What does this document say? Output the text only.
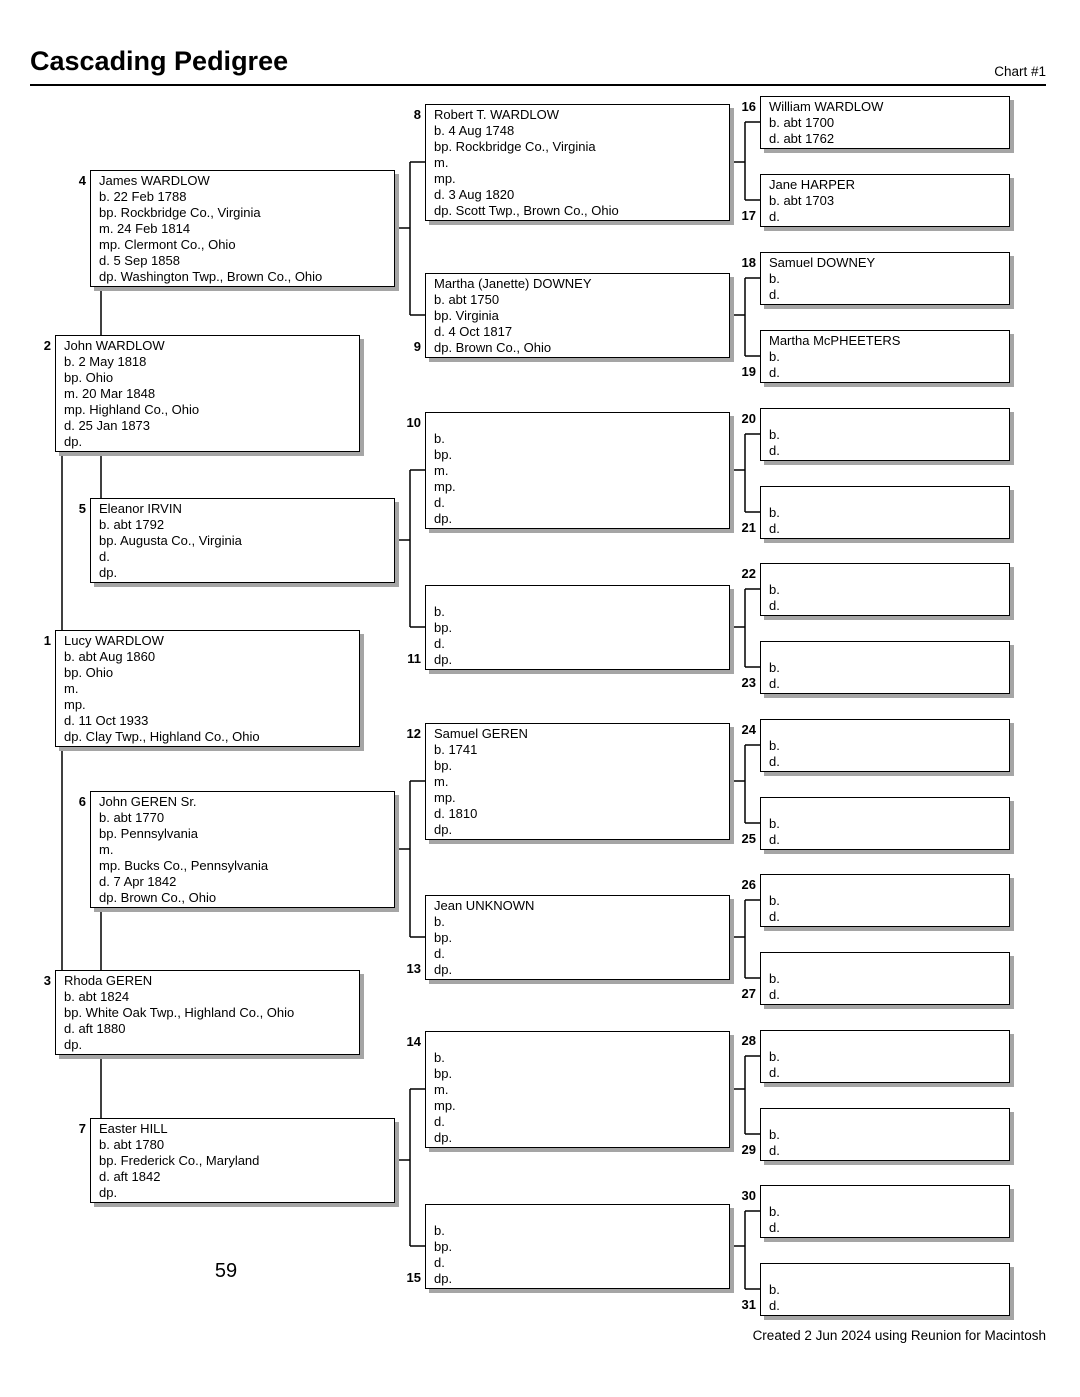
Cascading Pedigree	Chart #1
1 Lucy WARDLOW
b. abt Aug 1860
bp. Ohio
m.
mp.
d. 11 Oct 1933
dp. Clay Twp., Highland Co., Ohio
2 John WARDLOW
b. 2 May 1818
bp. Ohio
m. 20 Mar 1848
mp. Highland Co., Ohio
d. 25 Jan 1873
dp.
3 Rhoda GEREN
b. abt 1824
bp. White Oak Twp., Highland Co., Ohio
d. aft 1880
dp.
4 James WARDLOW
b. 22 Feb 1788
bp. Rockbridge Co., Virginia
m. 24 Feb 1814
mp. Clermont Co., Ohio
d. 5 Sep 1858
dp. Washington Twp., Brown Co., Ohio
5 Eleanor IRVIN
b. abt 1792
bp. Augusta Co., Virginia
d.
dp.
6 John GEREN Sr.
b. abt 1770
bp. Pennsylvania
m.
mp. Bucks Co., Pennsylvania
d. 7 Apr 1842
dp. Brown Co., Ohio
7 Easter HILL
b. abt 1780
bp. Frederick Co., Maryland
d. aft 1842
dp.
8 Robert T. WARDLOW
b. 4 Aug 1748
bp. Rockbridge Co., Virginia
m.
mp.
d. 3 Aug 1820
dp. Scott Twp., Brown Co., Ohio
9
Martha (Janette) DOWNEY
b. abt 1750
bp. Virginia
d. 4 Oct 1817
dp. Brown Co., Ohio
10
b.
bp.
m.
mp.
d.
dp.
11
b.
bp.
d.
dp.
12 Samuel GEREN
b. 1741
bp.
m.
mp.
d. 1810
dp.
13
Jean UNKNOWN
b.
bp.
d.
dp.
14
b.
bp.
m.
mp.
d.
dp.
15
b.
bp.
d.
dp.
16 William WARDLOW
b. abt 1700
d. abt 1762
17
Jane HARPER
b. abt 1703
d.
18 Samuel DOWNEY
b.
d.
19
Martha McPHEETERS
b.
d.
20
b.
d.
21
b.
d.
22
b.
d.
23
b.
d.
24
b.
d.
25
b.
d.
26
b.
d.
27
b.
d.
28
b.
d.
29
b.
d.
30
b.
d.
31
b.
d.
59
Created 2 Jun 2024 using Reunion for Macintosh
